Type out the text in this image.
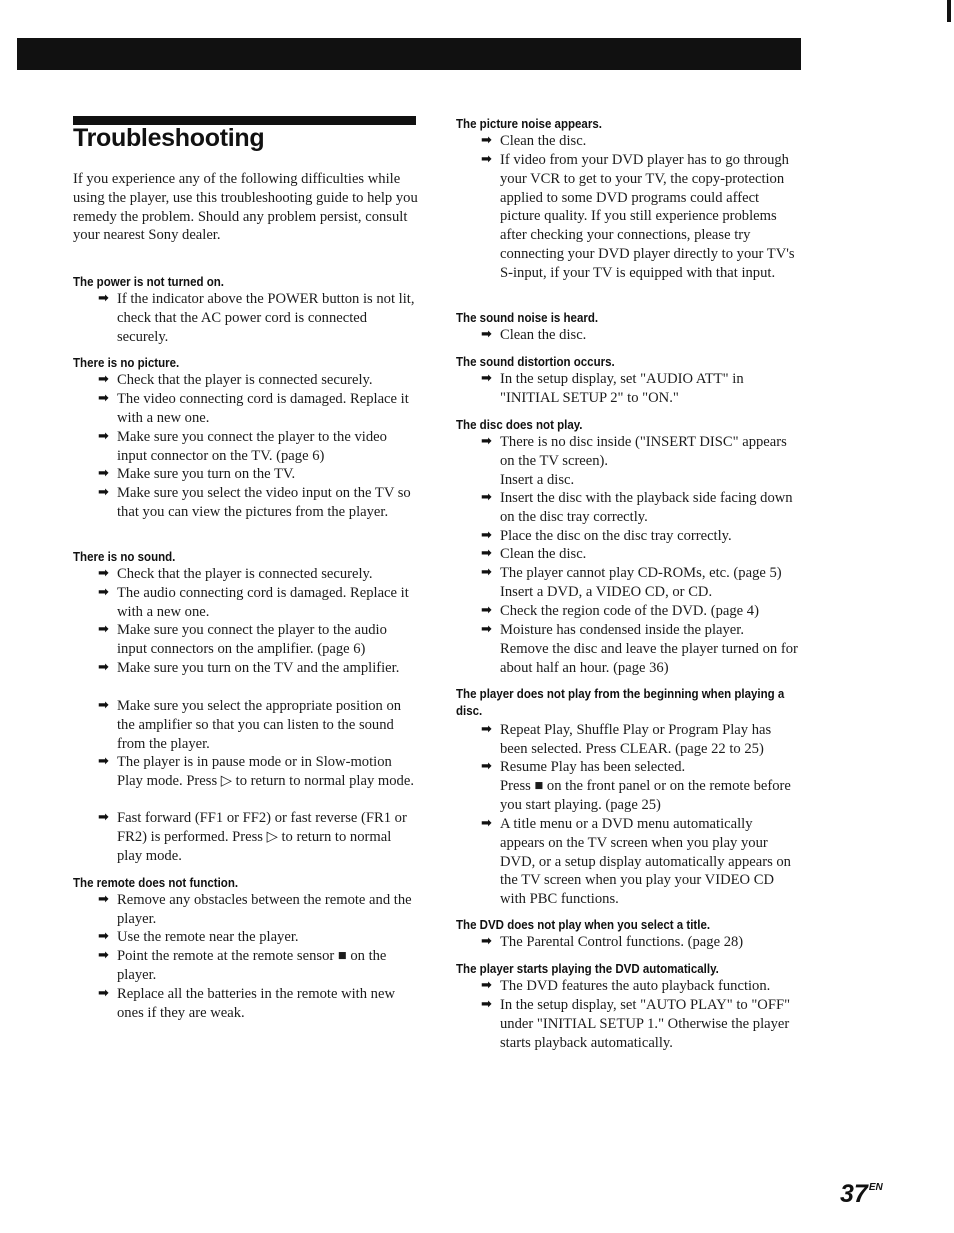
Troubleshooting
If you experience any of the following difficulties while using the player, use this troubleshooting guide to help you remedy the problem. Should any problem persist, consult your nearest Sony dealer.
The power is not turned on.
➡ If the indicator above the POWER button is not lit, check that the AC power cord is connected securely.
There is no picture.
➡ Check that the player is connected securely.
➡ The video connecting cord is damaged. Replace it with a new one.
➡ Make sure you connect the player to the video input connector on the TV. (page 6)
➡ Make sure you turn on the TV.
➡ Make sure you select the video input on the TV so that you can view the pictures from the player.
There is no sound.
➡ Check that the player is connected securely.
➡ The audio connecting cord is damaged. Replace it with a new one.
➡ Make sure you connect the player to the audio input connectors on the amplifier. (page 6)
➡ Make sure you turn on the TV and the amplifier.
➡ Make sure you select the appropriate position on the amplifier so that you can listen to the sound from the player.
➡ The player is in pause mode or in Slow-motion Play mode. Press ▷ to return to normal play mode.
➡ Fast forward (FF1 or FF2) or fast reverse (FR1 or FR2) is performed. Press ▷ to return to normal play mode.
The remote does not function.
➡ Remove any obstacles between the remote and the player.
➡ Use the remote near the player.
➡ Point the remote at the remote sensor ■ on the player.
➡ Replace all the batteries in the remote with new ones if they are weak.
The picture noise appears.
➡ Clean the disc.
➡ If video from your DVD player has to go through your VCR to get to your TV, the copy-protection applied to some DVD programs could affect picture quality. If you still experience problems after checking your connections, please try connecting your DVD player directly to your TV's S-input, if your TV is equipped with that input.
The sound noise is heard.
➡ Clean the disc.
The sound distortion occurs.
➡ In the setup display, set "AUDIO ATT" in "INITIAL SETUP 2" to "ON."
The disc does not play.
➡ There is no disc inside ("INSERT DISC" appears on the TV screen).
Insert a disc.
➡ Insert the disc with the playback side facing down on the disc tray correctly.
➡ Place the disc on the disc tray correctly.
➡ Clean the disc.
➡ The player cannot play CD-ROMs, etc. (page 5)
Insert a DVD, a VIDEO CD, or CD.
➡ Check the region code of the DVD. (page 4)
➡ Moisture has condensed inside the player.
Remove the disc and leave the player turned on for about half an hour. (page 36)
The player does not play from the beginning when playing a disc.
➡ Repeat Play, Shuffle Play or Program Play has been selected. Press CLEAR. (page 22 to 25)
➡ Resume Play has been selected.
Press ■ on the front panel or on the remote before you start playing. (page 25)
➡ A title menu or a DVD menu automatically appears on the TV screen when you play your DVD, or a setup display automatically appears on the TV screen when you play your VIDEO CD with PBC functions.
The DVD does not play when you select a title.
➡ The Parental Control functions. (page 28)
The player starts playing the DVD automatically.
➡ The DVD features the auto playback function.
➡ In the setup display, set "AUTO PLAY" to "OFF" under "INITIAL SETUP 1." Otherwise the player starts playback automatically.
$37^{EN}$
